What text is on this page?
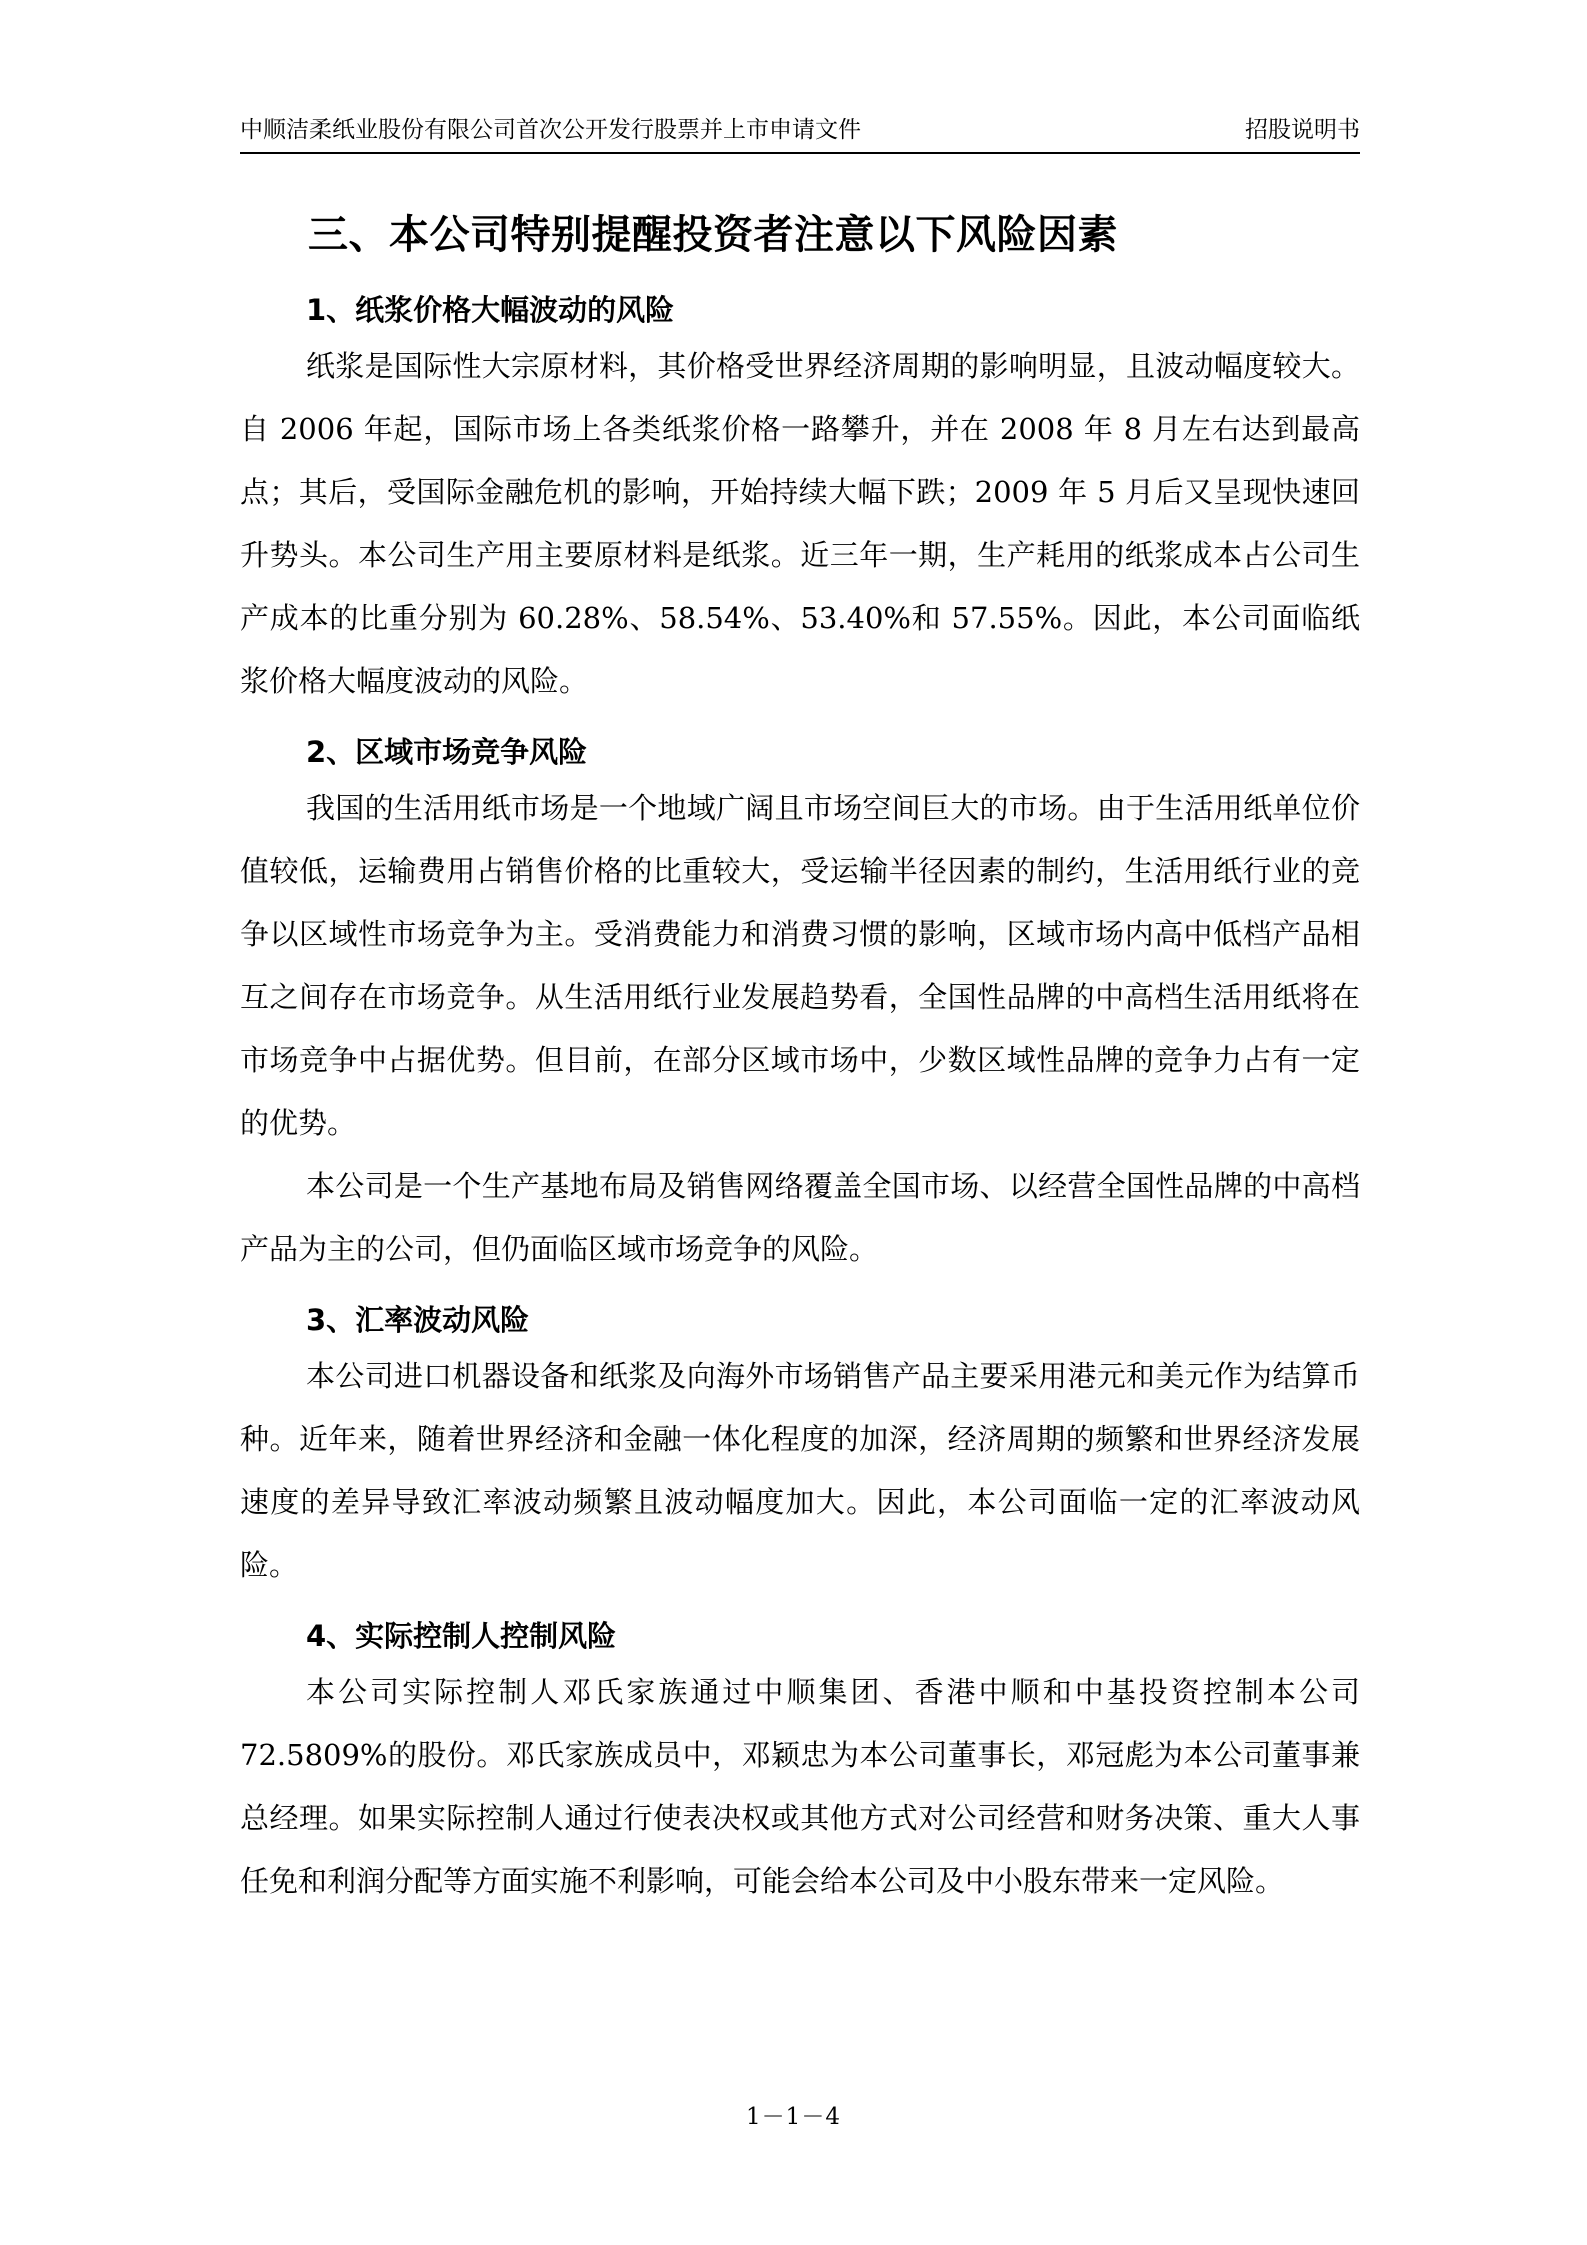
中顺洁柔纸业股份有限公司首次公开发行股票并上市申请文件	招股说明书
三、本公司特别提醒投资者注意以下风险因素
1、纸浆价格大幅波动的风险

纸浆是国际性大宗原材料，其价格受世界经济周期的影响明显，且波动幅度较大。自 2006 年起，国际市场上各类纸浆价格一路攀升，并在 2008 年 8 月左右达到最高点；其后，受国际金融危机的影响，开始持续大幅下跌；2009 年 5 月后又呈现快速回升势头。本公司生产用主要原材料是纸浆。近三年一期，生产耗用的纸浆成本占公司生产成本的比重分别为 60.28%、58.54%、53.40%和 57.55%。因此，本公司面临纸浆价格大幅度波动的风险。

2、区域市场竞争风险

我国的生活用纸市场是一个地域广阔且市场空间巨大的市场。由于生活用纸单位价值较低，运输费用占销售价格的比重较大，受运输半径因素的制约，生活用纸行业的竞争以区域性市场竞争为主。受消费能力和消费习惯的影响，区域市场内高中低档产品相互之间存在市场竞争。从生活用纸行业发展趋势看，全国性品牌的中高档生活用纸将在市场竞争中占据优势。但目前，在部分区域市场中，少数区域性品牌的竞争力占有一定的优势。

本公司是一个生产基地布局及销售网络覆盖全国市场、以经营全国性品牌的中高档产品为主的公司，但仍面临区域市场竞争的风险。

3、汇率波动风险

本公司进口机器设备和纸浆及向海外市场销售产品主要采用港元和美元作为结算币种。近年来，随着世界经济和金融一体化程度的加深，经济周期的频繁和世界经济发展速度的差异导致汇率波动频繁且波动幅度加大。因此，本公司面临一定的汇率波动风险。

4、实际控制人控制风险

本公司实际控制人邓氏家族通过中顺集团、香港中顺和中基投资控制本公司 72.5809%的股份。邓氏家族成员中，邓颖忠为本公司董事长，邓冠彪为本公司董事兼总经理。如果实际控制人通过行使表决权或其他方式对公司经营和财务决策、重大人事任免和利润分配等方面实施不利影响，可能会给本公司及中小股东带来一定风险。

1－1－4
